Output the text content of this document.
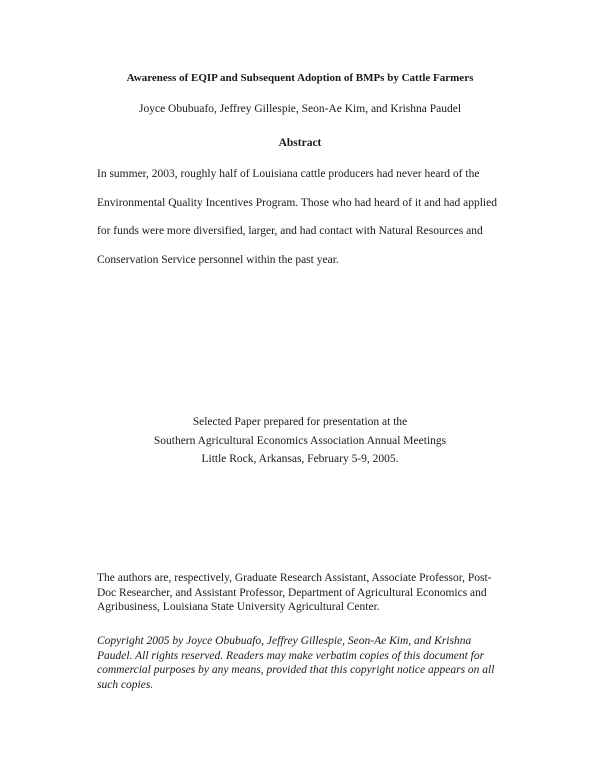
Awareness of EQIP and Subsequent Adoption of BMPs by Cattle Farmers
Joyce Obubuafo, Jeffrey Gillespie, Seon-Ae Kim, and Krishna Paudel
Abstract
In summer, 2003, roughly half of Louisiana cattle producers had never heard of the
Environmental Quality Incentives Program. Those who had heard of it and had applied
for funds were more diversified, larger, and had contact with Natural Resources and
Conservation Service personnel within the past year.
Selected Paper prepared for presentation at the
Southern Agricultural Economics Association Annual Meetings
Little Rock, Arkansas, February 5-9, 2005.
The authors are, respectively, Graduate Research Assistant, Associate Professor, Post-
Doc Researcher, and Assistant Professor, Department of Agricultural Economics and
Agribusiness, Louisiana State University Agricultural Center.
Copyright 2005 by Joyce Obubuafo, Jeffrey Gillespie, Seon-Ae Kim, and Krishna
Paudel. All rights reserved. Readers may make verbatim copies of this document for
commercial purposes by any means, provided that this copyright notice appears on all
such copies.
